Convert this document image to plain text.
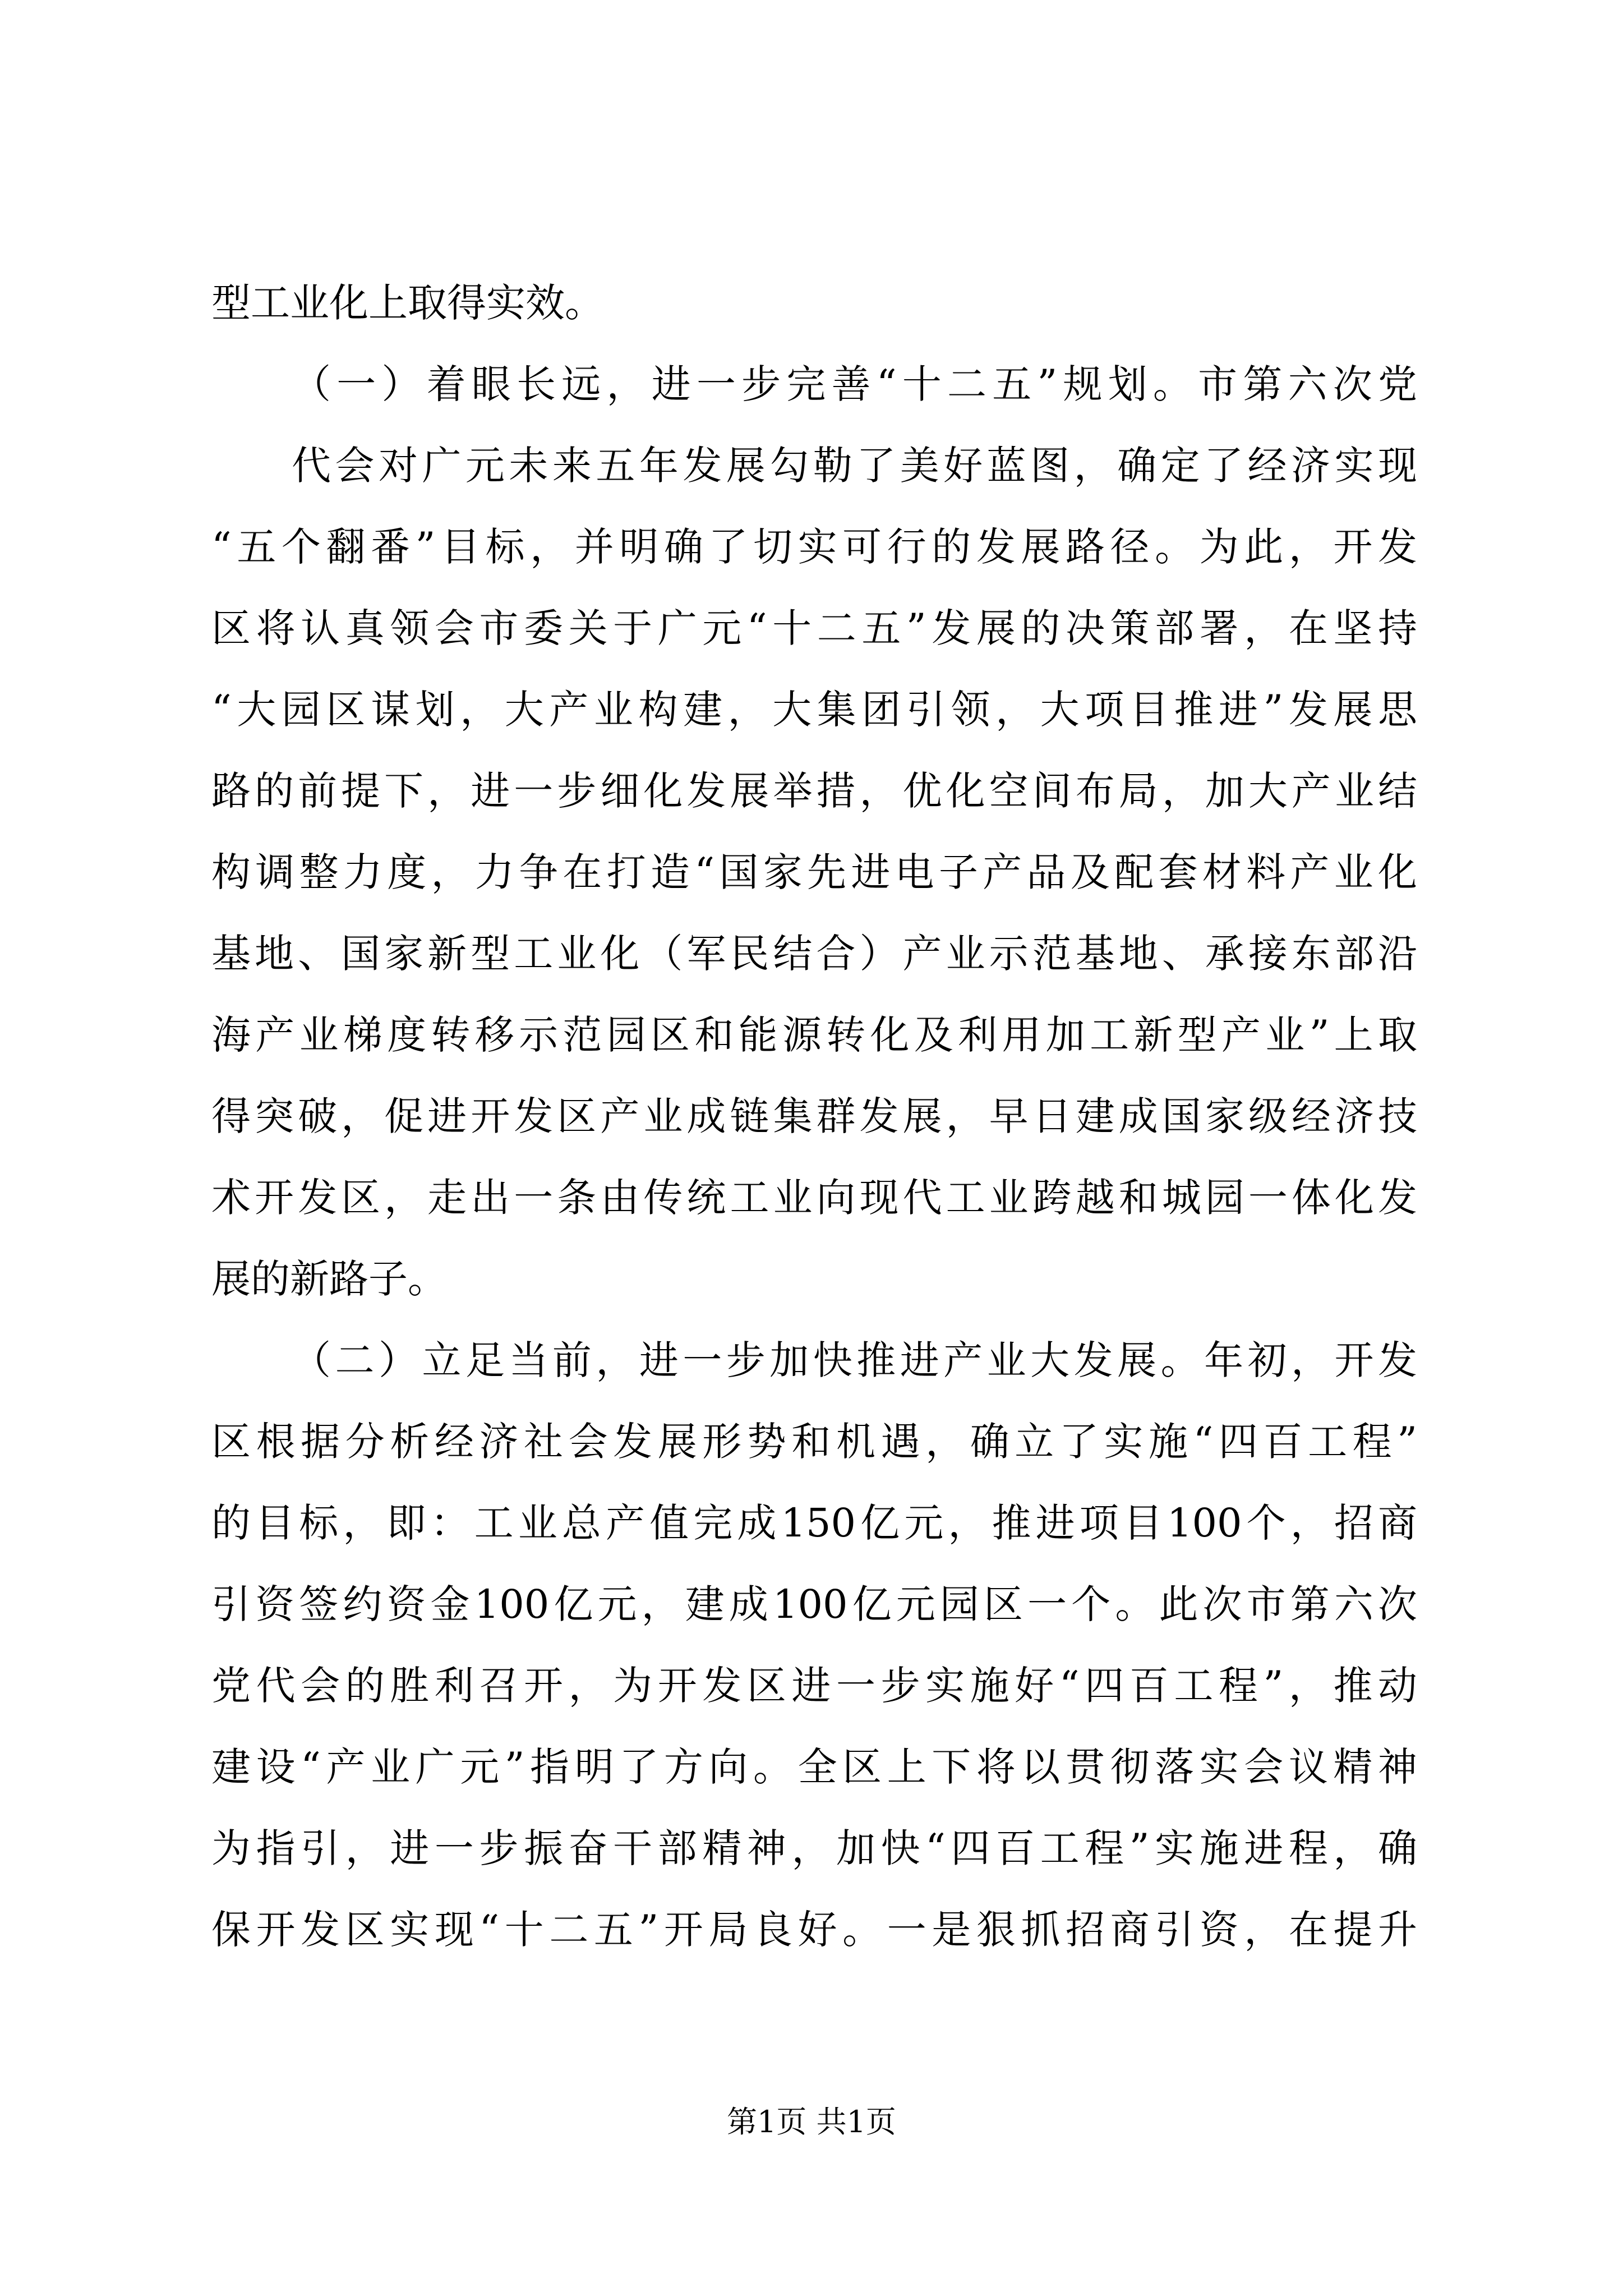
型工业化上取得实效。
（一）着眼长远，进一步完善“十二五”规划。市第六次党
代会对广元未来五年发展勾勒了美好蓝图，确定了经济实现
“五个翻番”目标，并明确了切实可行的发展路径。为此，开发
区将认真领会市委关于广元“十二五”发展的决策部署，在坚持
“大园区谋划，大产业构建，大集团引领，大项目推进”发展思
路的前提下，进一步细化发展举措，优化空间布局，加大产业结
构调整力度，力争在打造“国家先进电子产品及配套材料产业化
基地、国家新型工业化（军民结合）产业示范基地、承接东部沿
海产业梯度转移示范园区和能源转化及利用加工新型产业”上取
得突破，促进开发区产业成链集群发展，早日建成国家级经济技
术开发区，走出一条由传统工业向现代工业跨越和城园一体化发
展的新路子。
（二）立足当前，进一步加快推进产业大发展。年初，开发
区根据分析经济社会发展形势和机遇，确立了实施“四百工程”
的目标，即：工业总产值完成150亿元，推进项目100个，招商
引资签约资金100亿元，建成100亿元园区一个。此次市第六次
党代会的胜利召开，为开发区进一步实施好“四百工程”，推动
建设“产业广元”指明了方向。全区上下将以贯彻落实会议精神
为指引，进一步振奋干部精神，加快“四百工程”实施进程，确
保开发区实现“十二五”开局良好。一是狠抓招商引资，在提升
第1页 共1页
